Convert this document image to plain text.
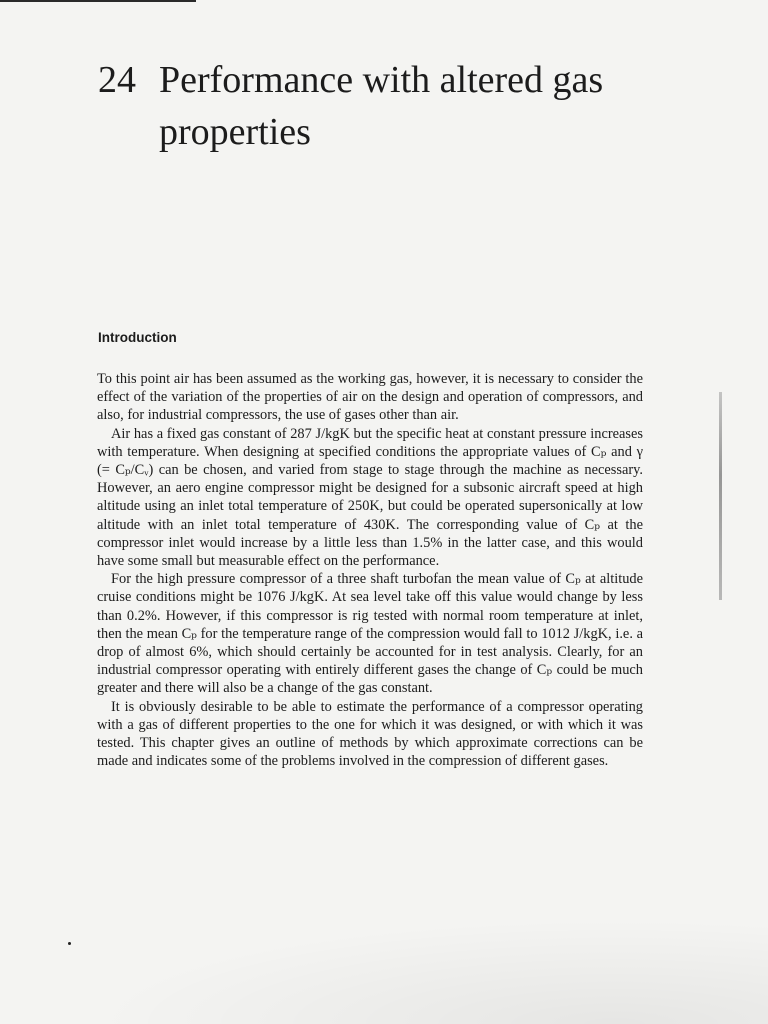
24 Performance with altered gas properties
Introduction

To this point air has been assumed as the working gas, however, it is necessary to consider the effect of the variation of the properties of air on the design and operation of compressors, and also, for industrial compressors, the use of gases other than air.

Air has a fixed gas constant of 287 J/kgK but the specific heat at constant pressure increases with temperature. When designing at specified conditions the appropriate values of Cₚ and γ (= Cₚ/Cᵥ) can be chosen, and varied from stage to stage through the machine as necessary. However, an aero engine compressor might be designed for a subsonic aircraft speed at high altitude using an inlet total temperature of 250K, but could be operated supersonically at low altitude with an inlet total temperature of 430K. The corresponding value of Cₚ at the compressor inlet would increase by a little less than 1.5% in the latter case, and this would have some small but measurable effect on the performance.

For the high pressure compressor of a three shaft turbofan the mean value of Cₚ at altitude cruise conditions might be 1076 J/kgK. At sea level take off this value would change by less than 0.2%. However, if this compressor is rig tested with normal room temperature at inlet, then the mean Cₚ for the temperature range of the compression would fall to 1012 J/kgK, i.e. a drop of almost 6%, which should certainly be accounted for in test analysis. Clearly, for an industrial compressor operating with entirely different gases the change of Cₚ could be much greater and there will also be a change of the gas constant.

It is obviously desirable to be able to estimate the performance of a compressor operating with a gas of different properties to the one for which it was designed, or with which it was tested. This chapter gives an outline of methods by which approximate corrections can be made and indicates some of the problems involved in the compression of different gases.
